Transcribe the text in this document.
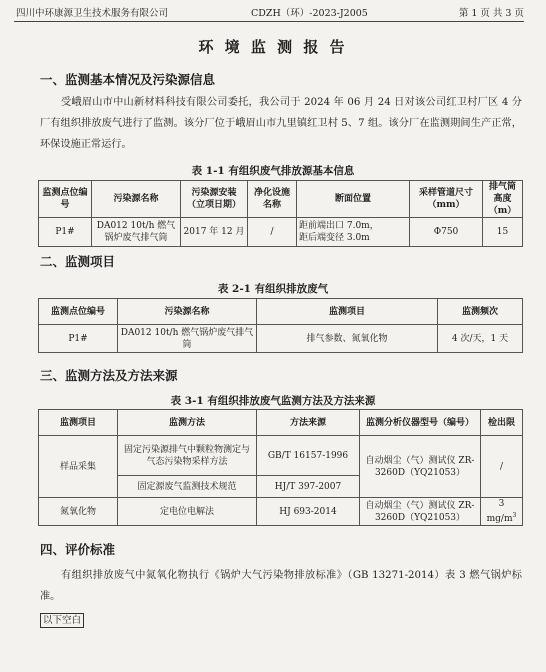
四川中环康源卫生技术服务有限公司	CDZH（环）-2023-J2005	第 1 页 共 3 页
环 境 监 测 报 告
一、监测基本情况及污染源信息
受峨眉山市中山新材料科技有限公司委托，我公司于 2024 年 06 月 24 日对该公司红卫村厂区 4 分厂有组织排放废气进行了监测。该分厂位于峨眉山市九里镇红卫村 5、7 组。该分厂在监测期间生产正常，环保设施正常运行。
表 1-1 有组织废气排放源基本信息
监测点位编号	污染源名称	污染源安装（立项日期）	净化设施名称	断面位置	采样管道尺寸（mm）	排气筒高度（m）
P1#	DA012 10t/h 燃气锅炉废气排气筒	2017 年 12 月	/	距前端出口 7.0m，
距后端变径 3.0m	Φ750	15
二、监测项目
表 2-1 有组织排放废气
监测点位编号	污染源名称	监测项目	监测频次
P1#	DA012 10t/h 燃气锅炉废气排气筒	排气参数、氮氧化物	4 次/天，1 天
三、监测方法及方法来源
表 3-1 有组织排放废气监测方法及方法来源
监测项目	监测方法	方法来源	监测分析仪器型号（编号）	检出限
样品采集	固定污染源排气中颗粒物测定与气态污染物采样方法	GB/T 16157-1996	自动烟尘（气）测试仪 ZR-3260D（YQ21053）	/
	固定源废气监测技术规范	HJ/T 397-2007		
氮氧化物	定电位电解法	HJ 693-2014	自动烟尘（气）测试仪 ZR-3260D（YQ21053）	3
$mg/m^3$
四、评价标准
有组织排放废气中氮氧化物执行《锅炉大气污染物排放标准》（GB 13271-2014）表 3 燃气锅炉标准。
以下空白
